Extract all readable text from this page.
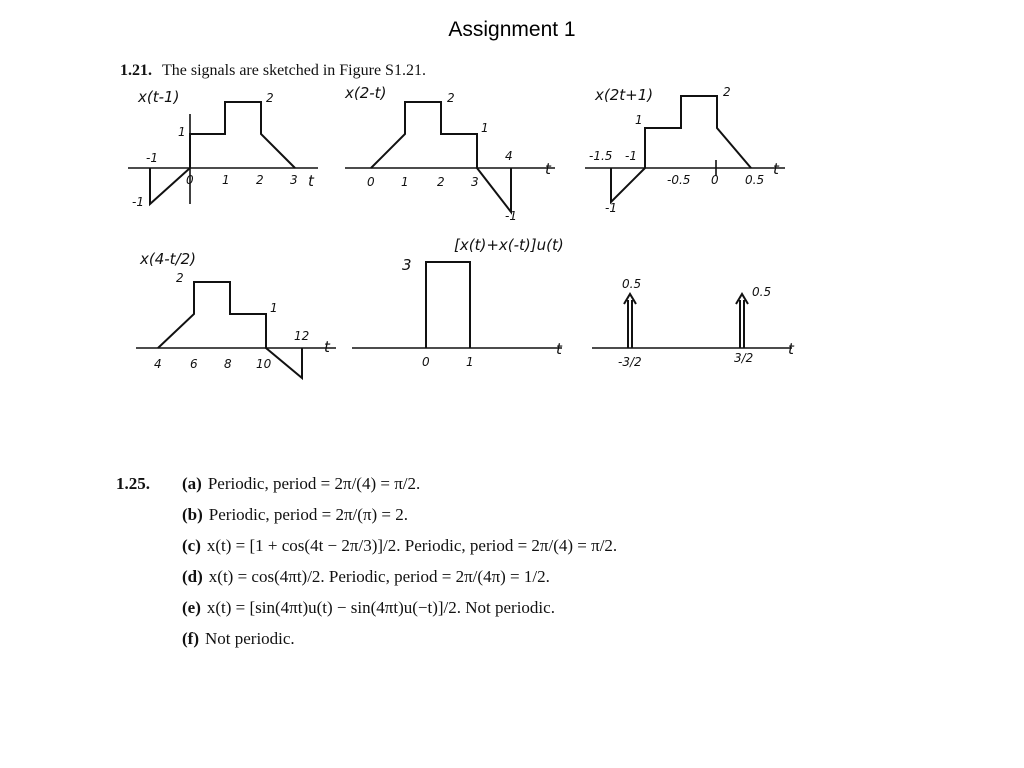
Assignment 1
1.21. The signals are sketched in Figure S1.21.
x(t-1)
-1
0 1 2 3 t
1
2
-1
x(2-t)
0 1 2 3
4
t
1
2
-1
x(2t+1)
-1.5 -1
-0.5 0 0.5
t
1
2
-1
x(4-t/2)
4 6 8 10
12
t
2
1
[x(t)+x(-t)]u(t)
0	1
t
3
-3/2	3/2 t
0.5
0.5
1.25. (a) Periodic, period = 2π/(4) = π/2.
(b) Periodic, period = 2π/(π) = 2.
(c) x(t) = [1 + cos(4t − 2π/3)]/2. Periodic, period = 2π/(4) = π/2.
(d) x(t) = cos(4πt)/2. Periodic, period = 2π/(4π) = 1/2.
(e) x(t) = [sin(4πt)u(t) − sin(4πt)u(−t)]/2. Not periodic.
(f) Not periodic.
